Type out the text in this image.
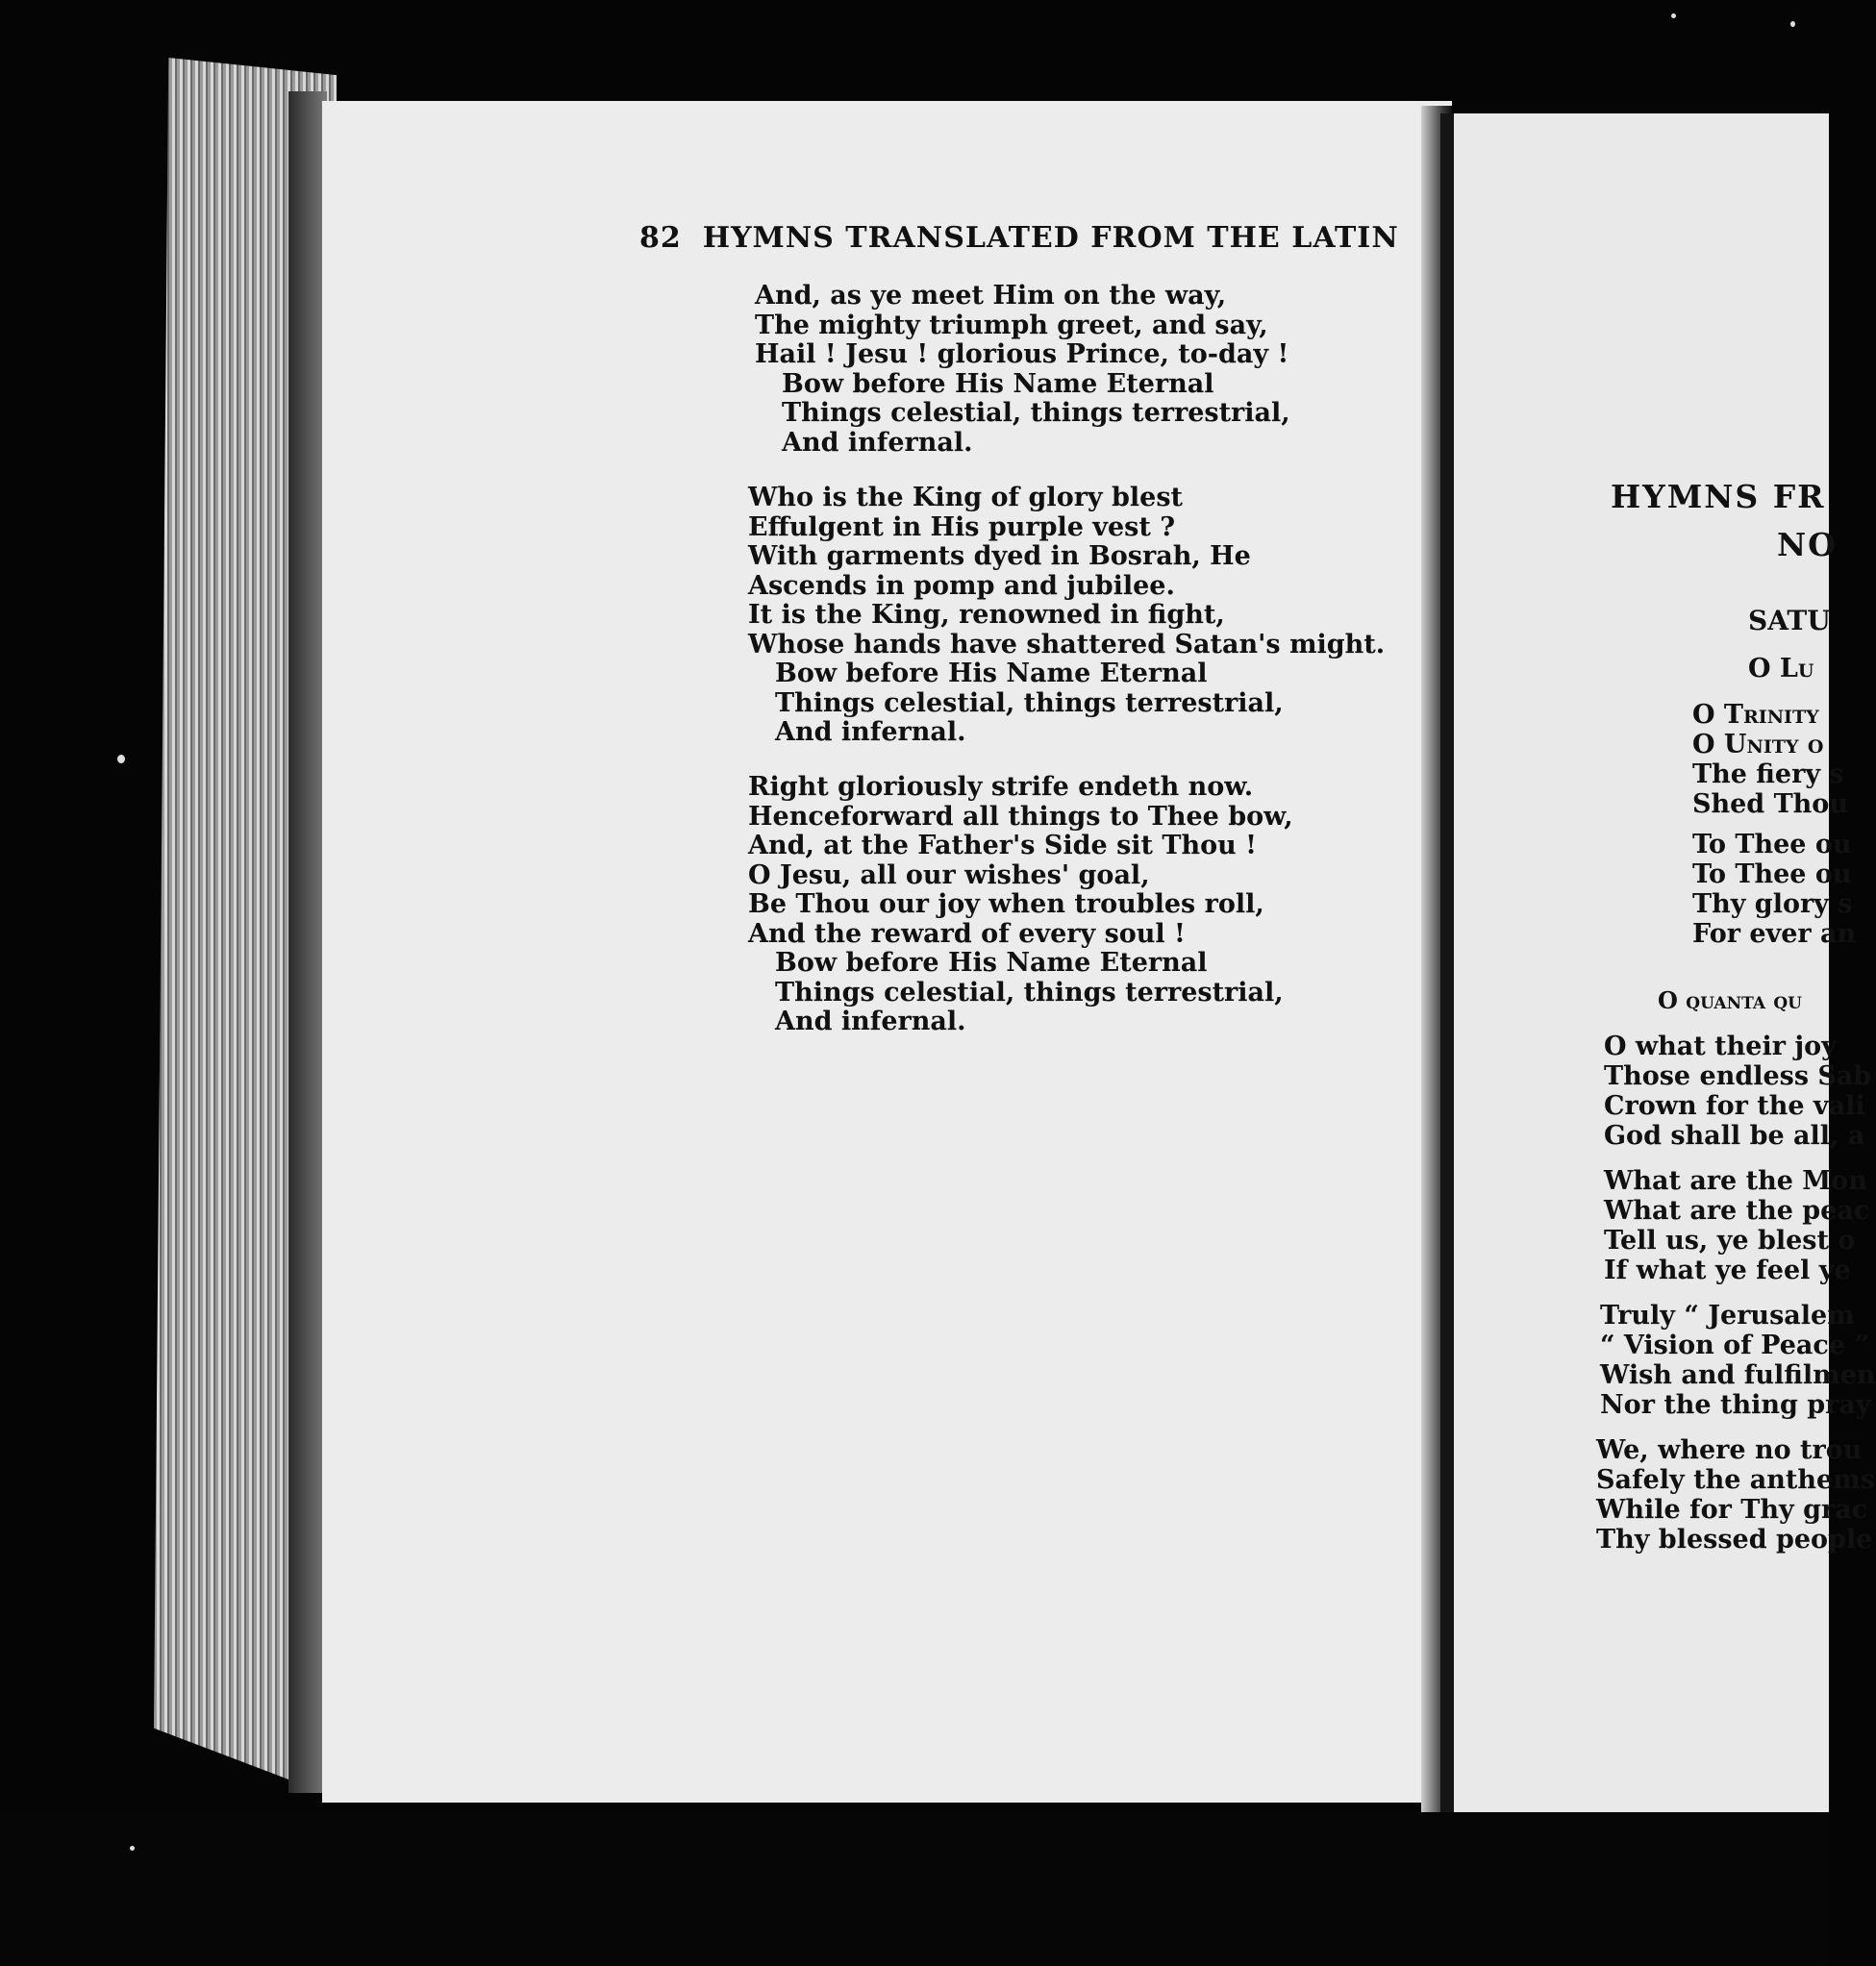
82 HYMNS TRANSLATED FROM THE LATIN
And, as ye meet Him on the way,
The mighty triumph greet, and say,
Hail ! Jesu ! glorious Prince, to-day !
Bow before His Name Eternal
Things celestial, things terrestrial,
And infernal.
Who is the King of glory blest
Effulgent in His purple vest ?
With garments dyed in Bosrah, He
Ascends in pomp and jubilee.
It is the King, renowned in fight,
Whose hands have shattered Satan's might.
Bow before His Name Eternal
Things celestial, things terrestrial,
And infernal.
Right gloriously strife endeth now.
Henceforward all things to Thee bow,
And, at the Father's Side sit Thou !
O Jesu, all our wishes' goal,
Be Thou our joy when troubles roll,
And the reward of every soul !
Bow before His Name Eternal
Things celestial, things terrestrial,
And infernal.
HYMNS FR
NO
SATU
O Lu
O Trinity
O Unity o
The fiery s
Shed Thou
To Thee ou
To Thee ou
Thy glory s
For ever an
O quanta qu
O what their joy
Those endless Sab
Crown for the vali
God shall be all, a
What are the Mon
What are the peac
Tell us, ye blest o
If what ye feel ye
Truly “ Jerusalem
“ Vision of Peace ”
Wish and fulfilmen
Nor the thing pray
We, where no trou
Safely the anthems
While for Thy grac
Thy blessed people
